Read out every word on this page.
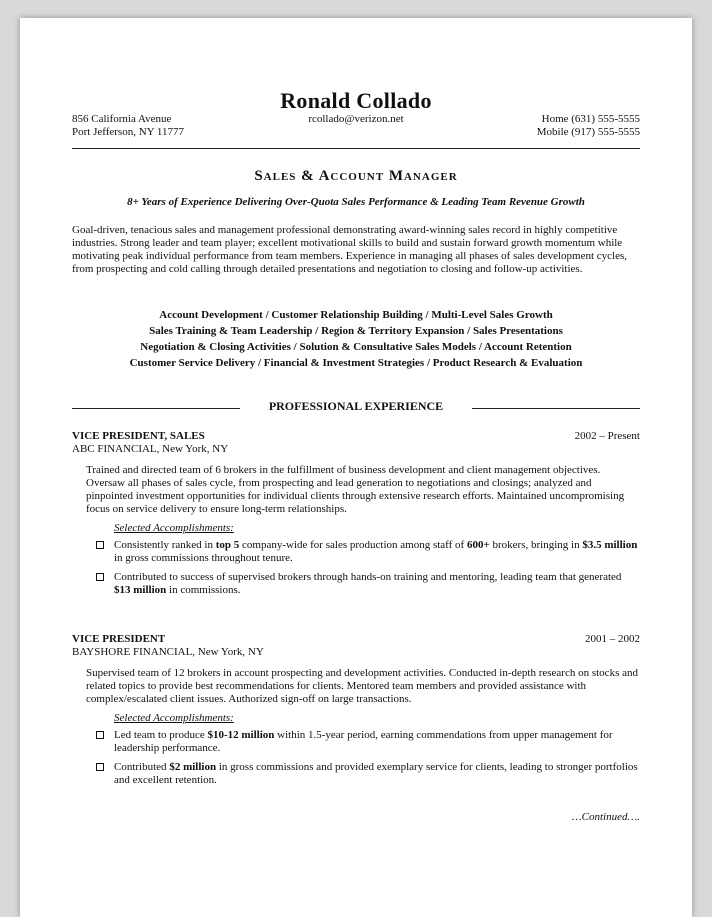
Ronald Collado
856 California Avenue
Port Jefferson, NY 11777
rcollado@verizon.net	Home (631) 555-5555
Mobile (917) 555-5555
Sales & Account Manager
8+ Years of Experience Delivering Over-Quota Sales Performance & Leading Team Revenue Growth
Goal-driven, tenacious sales and management professional demonstrating award-winning sales record in highly competitive industries. Strong leader and team player; excellent motivational skills to build and sustain forward growth momentum while motivating peak individual performance from team members. Experience in managing all phases of sales development cycles, from prospecting and cold calling through detailed presentations and negotiation to closing and follow-up activities.
Account Development / Customer Relationship Building / Multi-Level Sales Growth
Sales Training & Team Leadership / Region & Territory Expansion / Sales Presentations
Negotiation & Closing Activities / Solution & Consultative Sales Models / Account Retention
Customer Service Delivery / Financial & Investment Strategies / Product Research & Evaluation
PROFESSIONAL EXPERIENCE
VICE PRESIDENT, SALES	2002 – Present
ABC FINANCIAL, New York, NY
Trained and directed team of 6 brokers in the fulfillment of business development and client management objectives. Oversaw all phases of sales cycle, from prospecting and lead generation to negotiations and closings; analyzed and pinpointed investment opportunities for individual clients through extensive research efforts. Maintained uncompromising focus on service delivery to ensure long-term relationships.
Selected Accomplishments:
Consistently ranked in top 5 company-wide for sales production among staff of 600+ brokers, bringing in $3.5 million in gross commissions throughout tenure.
Contributed to success of supervised brokers through hands-on training and mentoring, leading team that generated $13 million in commissions.
VICE PRESIDENT	2001 – 2002
BAYSHORE FINANCIAL, New York, NY
Supervised team of 12 brokers in account prospecting and development activities. Conducted in-depth research on stocks and related topics to provide best recommendations for clients. Mentored team members and provided assistance with complex/escalated client issues. Authorized sign-off on large transactions.
Selected Accomplishments:
Led team to produce $10-12 million within 1.5-year period, earning commendations from upper management for leadership performance.
Contributed $2 million in gross commissions and provided exemplary service for clients, leading to stronger portfolios and excellent retention.
…Continued….
